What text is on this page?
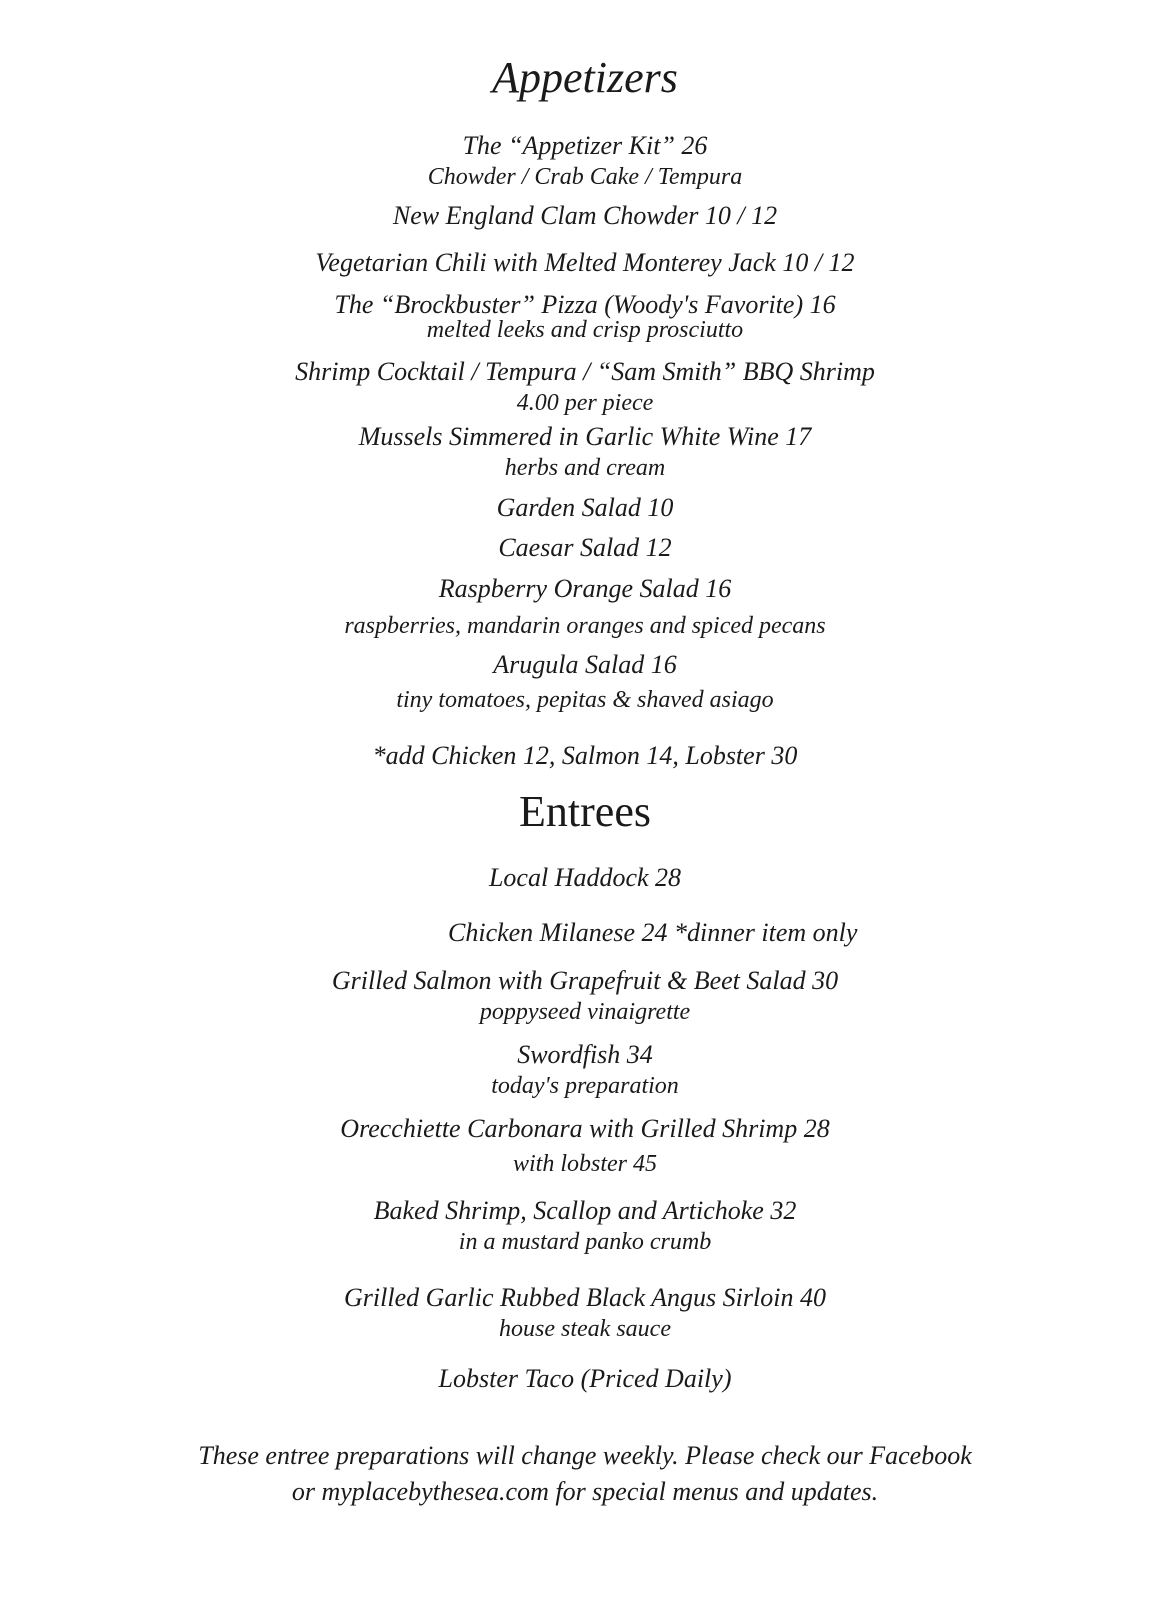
Appetizers
The “Appetizer Kit” 26
Chowder / Crab Cake / Tempura
New England Clam Chowder 10 / 12
Vegetarian Chili with Melted Monterey Jack 10 / 12
The “Brockbuster” Pizza (Woody's Favorite) 16
melted leeks and crisp prosciutto
Shrimp Cocktail / Tempura / “Sam Smith” BBQ Shrimp
4.00 per piece
Mussels Simmered in Garlic White Wine 17
herbs and cream
Garden Salad 10
Caesar Salad 12
Raspberry Orange Salad 16
raspberries, mandarin oranges and spiced pecans
Arugula Salad 16
tiny tomatoes, pepitas & shaved asiago
*add Chicken 12, Salmon 14, Lobster 30
Entrees
Local Haddock 28
Chicken Milanese 24 *dinner item only
Grilled Salmon with Grapefruit & Beet Salad 30
poppyseed vinaigrette
Swordfish 34
today's preparation
Orecchiette Carbonara with Grilled Shrimp 28
with lobster 45
Baked Shrimp, Scallop and Artichoke 32
in a mustard panko crumb
Grilled Garlic Rubbed Black Angus Sirloin 40
house steak sauce
Lobster Taco (Priced Daily)
These entree preparations will change weekly. Please check our Facebook
or myplacebythesea.com for special menus and updates.
